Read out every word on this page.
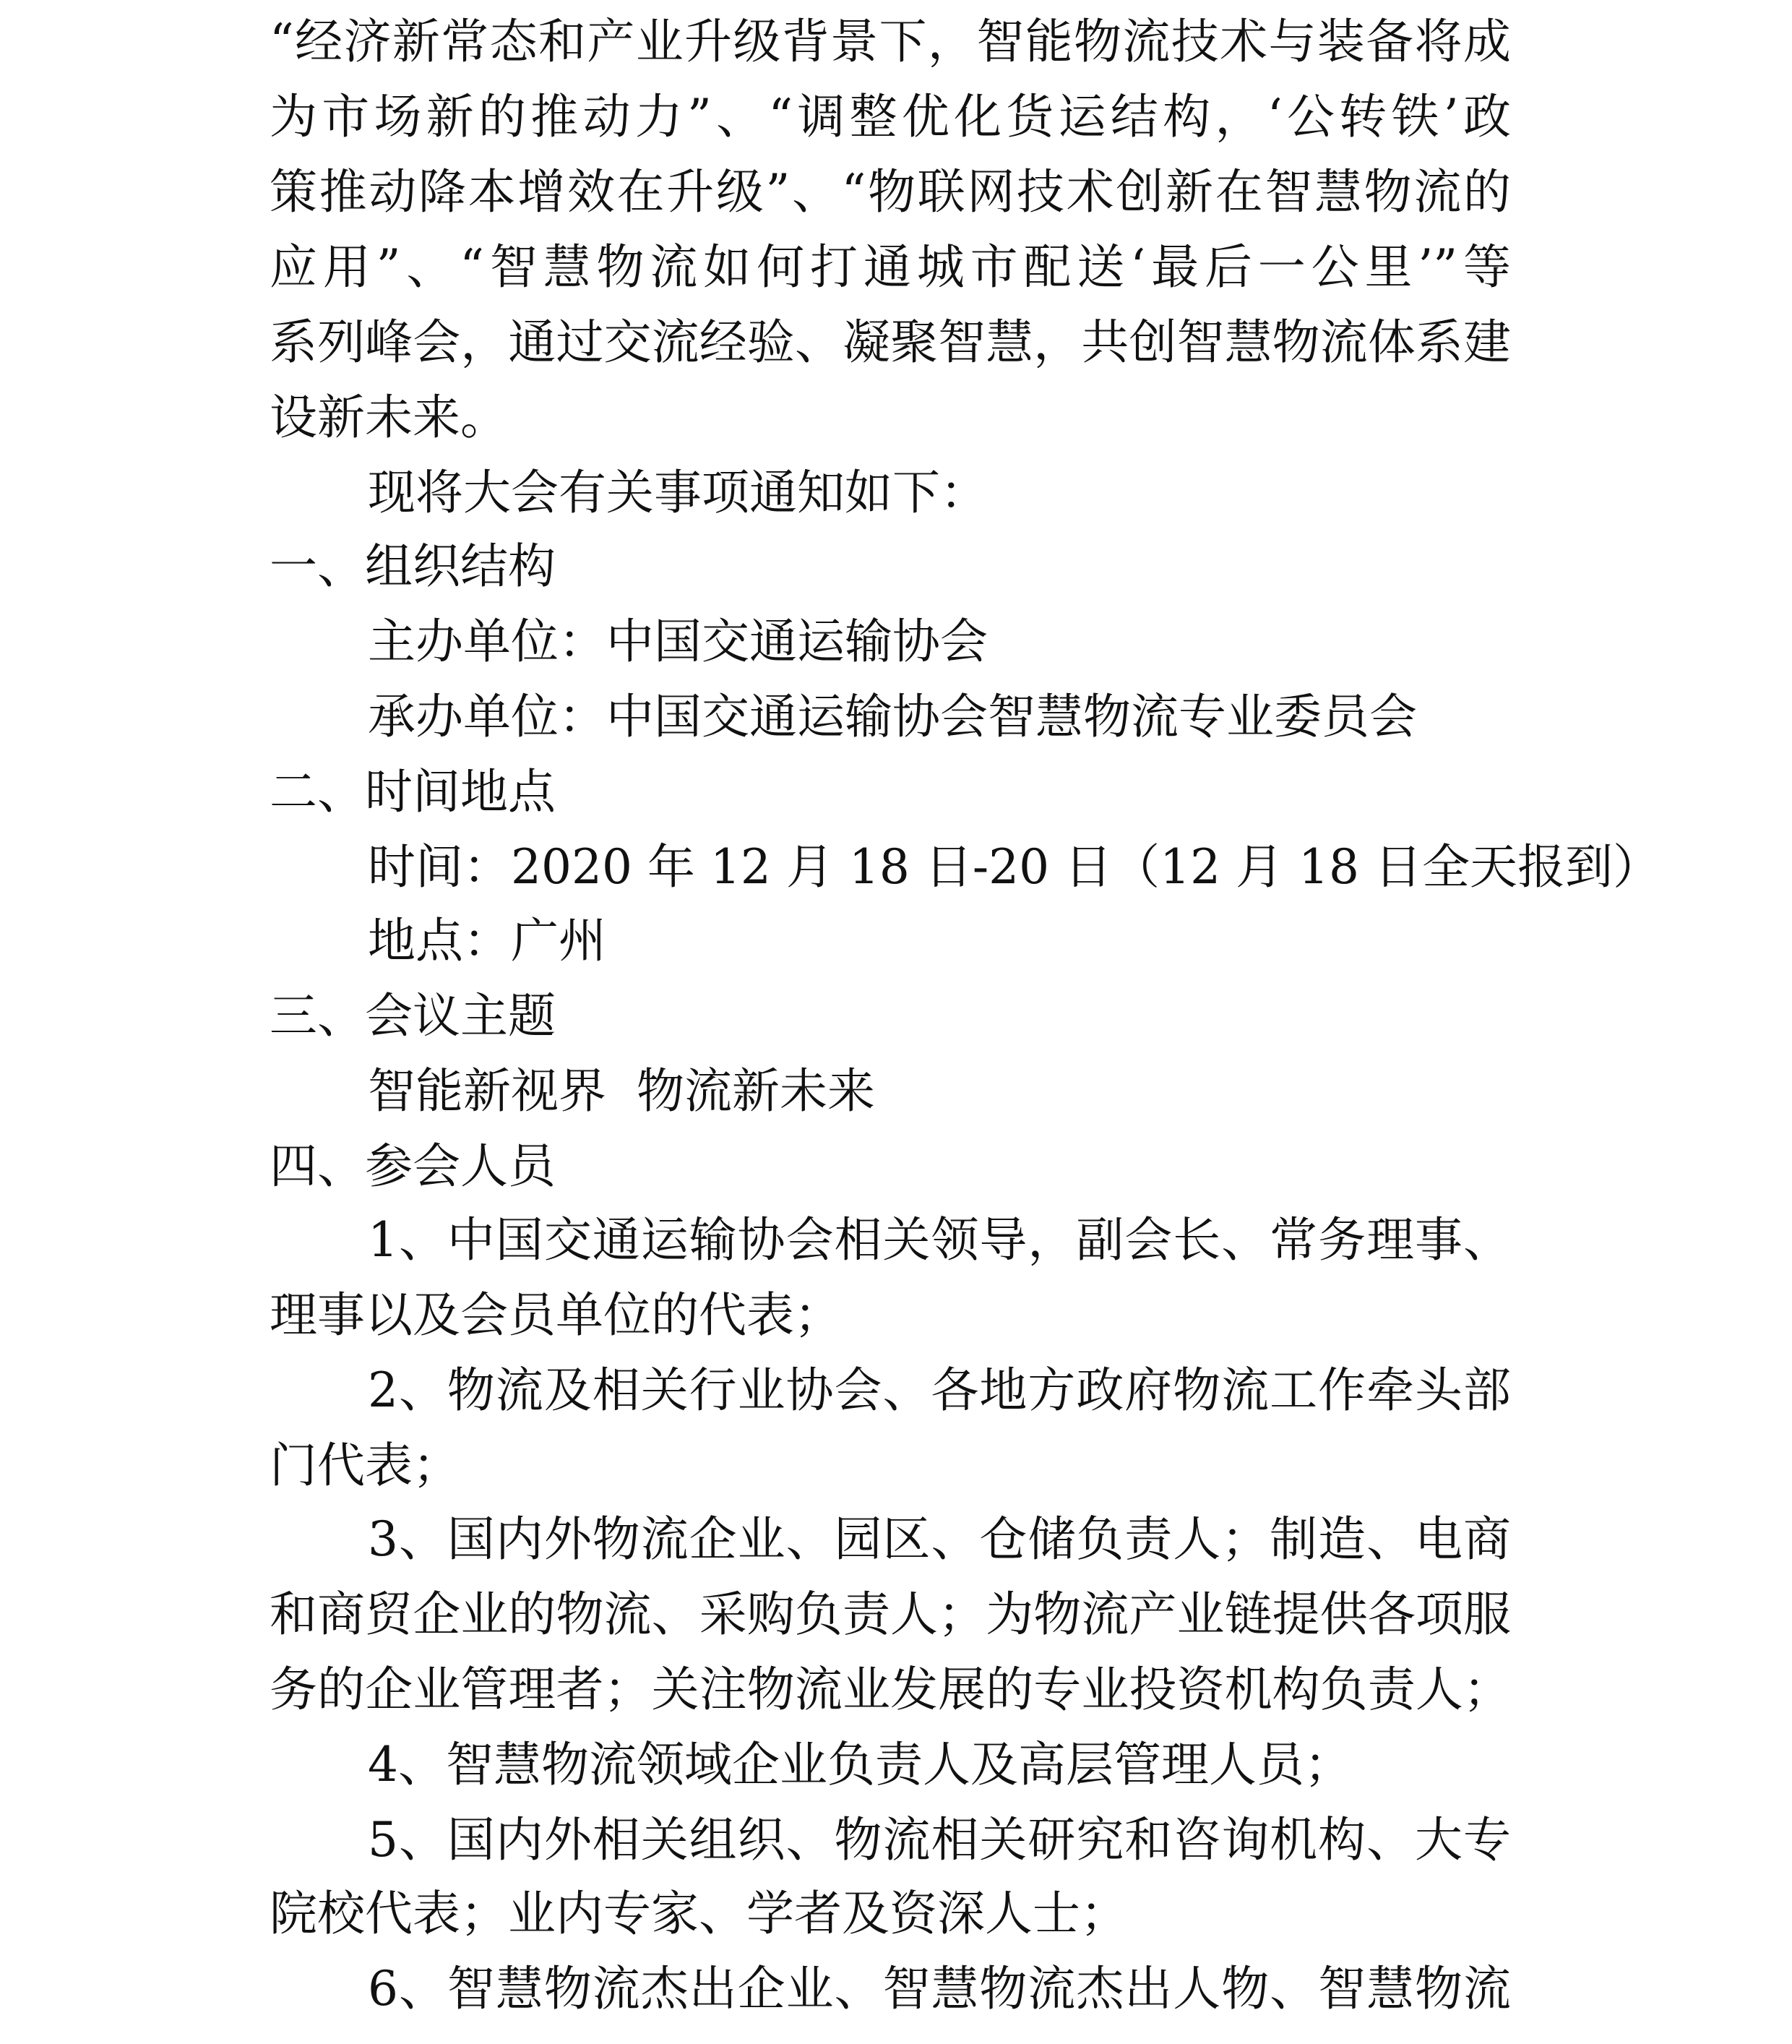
“经济新常态和产业升级背景下，智能物流技术与装备将成
为市场新的推动力”、“调整优化货运结构，‘公转铁’政
策推动降本增效在升级”、“物联网技术创新在智慧物流的
应用”、“智慧物流如何打通城市配送‘最后一公里’”等
系列峰会，通过交流经验、凝聚智慧，共创智慧物流体系建
设新未来。
现将大会有关事项通知如下：
一、组织结构
主办单位：中国交通运输协会
承办单位：中国交通运输协会智慧物流专业委员会
二、时间地点
时间：2020 年 12 月 18 日-20 日（12 月 18 日全天报到）
地点：广州
三、会议主题
智能新视界  物流新未来
四、参会人员
1、中国交通运输协会相关领导，副会长、常务理事、
理事以及会员单位的代表；
2、物流及相关行业协会、各地方政府物流工作牵头部
门代表；
3、国内外物流企业、园区、仓储负责人；制造、电商
和商贸企业的物流、采购负责人；为物流产业链提供各项服
务的企业管理者；关注物流业发展的专业投资机构负责人；
4、智慧物流领域企业负责人及高层管理人员；
5、国内外相关组织、物流相关研究和咨询机构、大专
院校代表；业内专家、学者及资深人士；
6、智慧物流杰出企业、智慧物流杰出人物、智慧物流
